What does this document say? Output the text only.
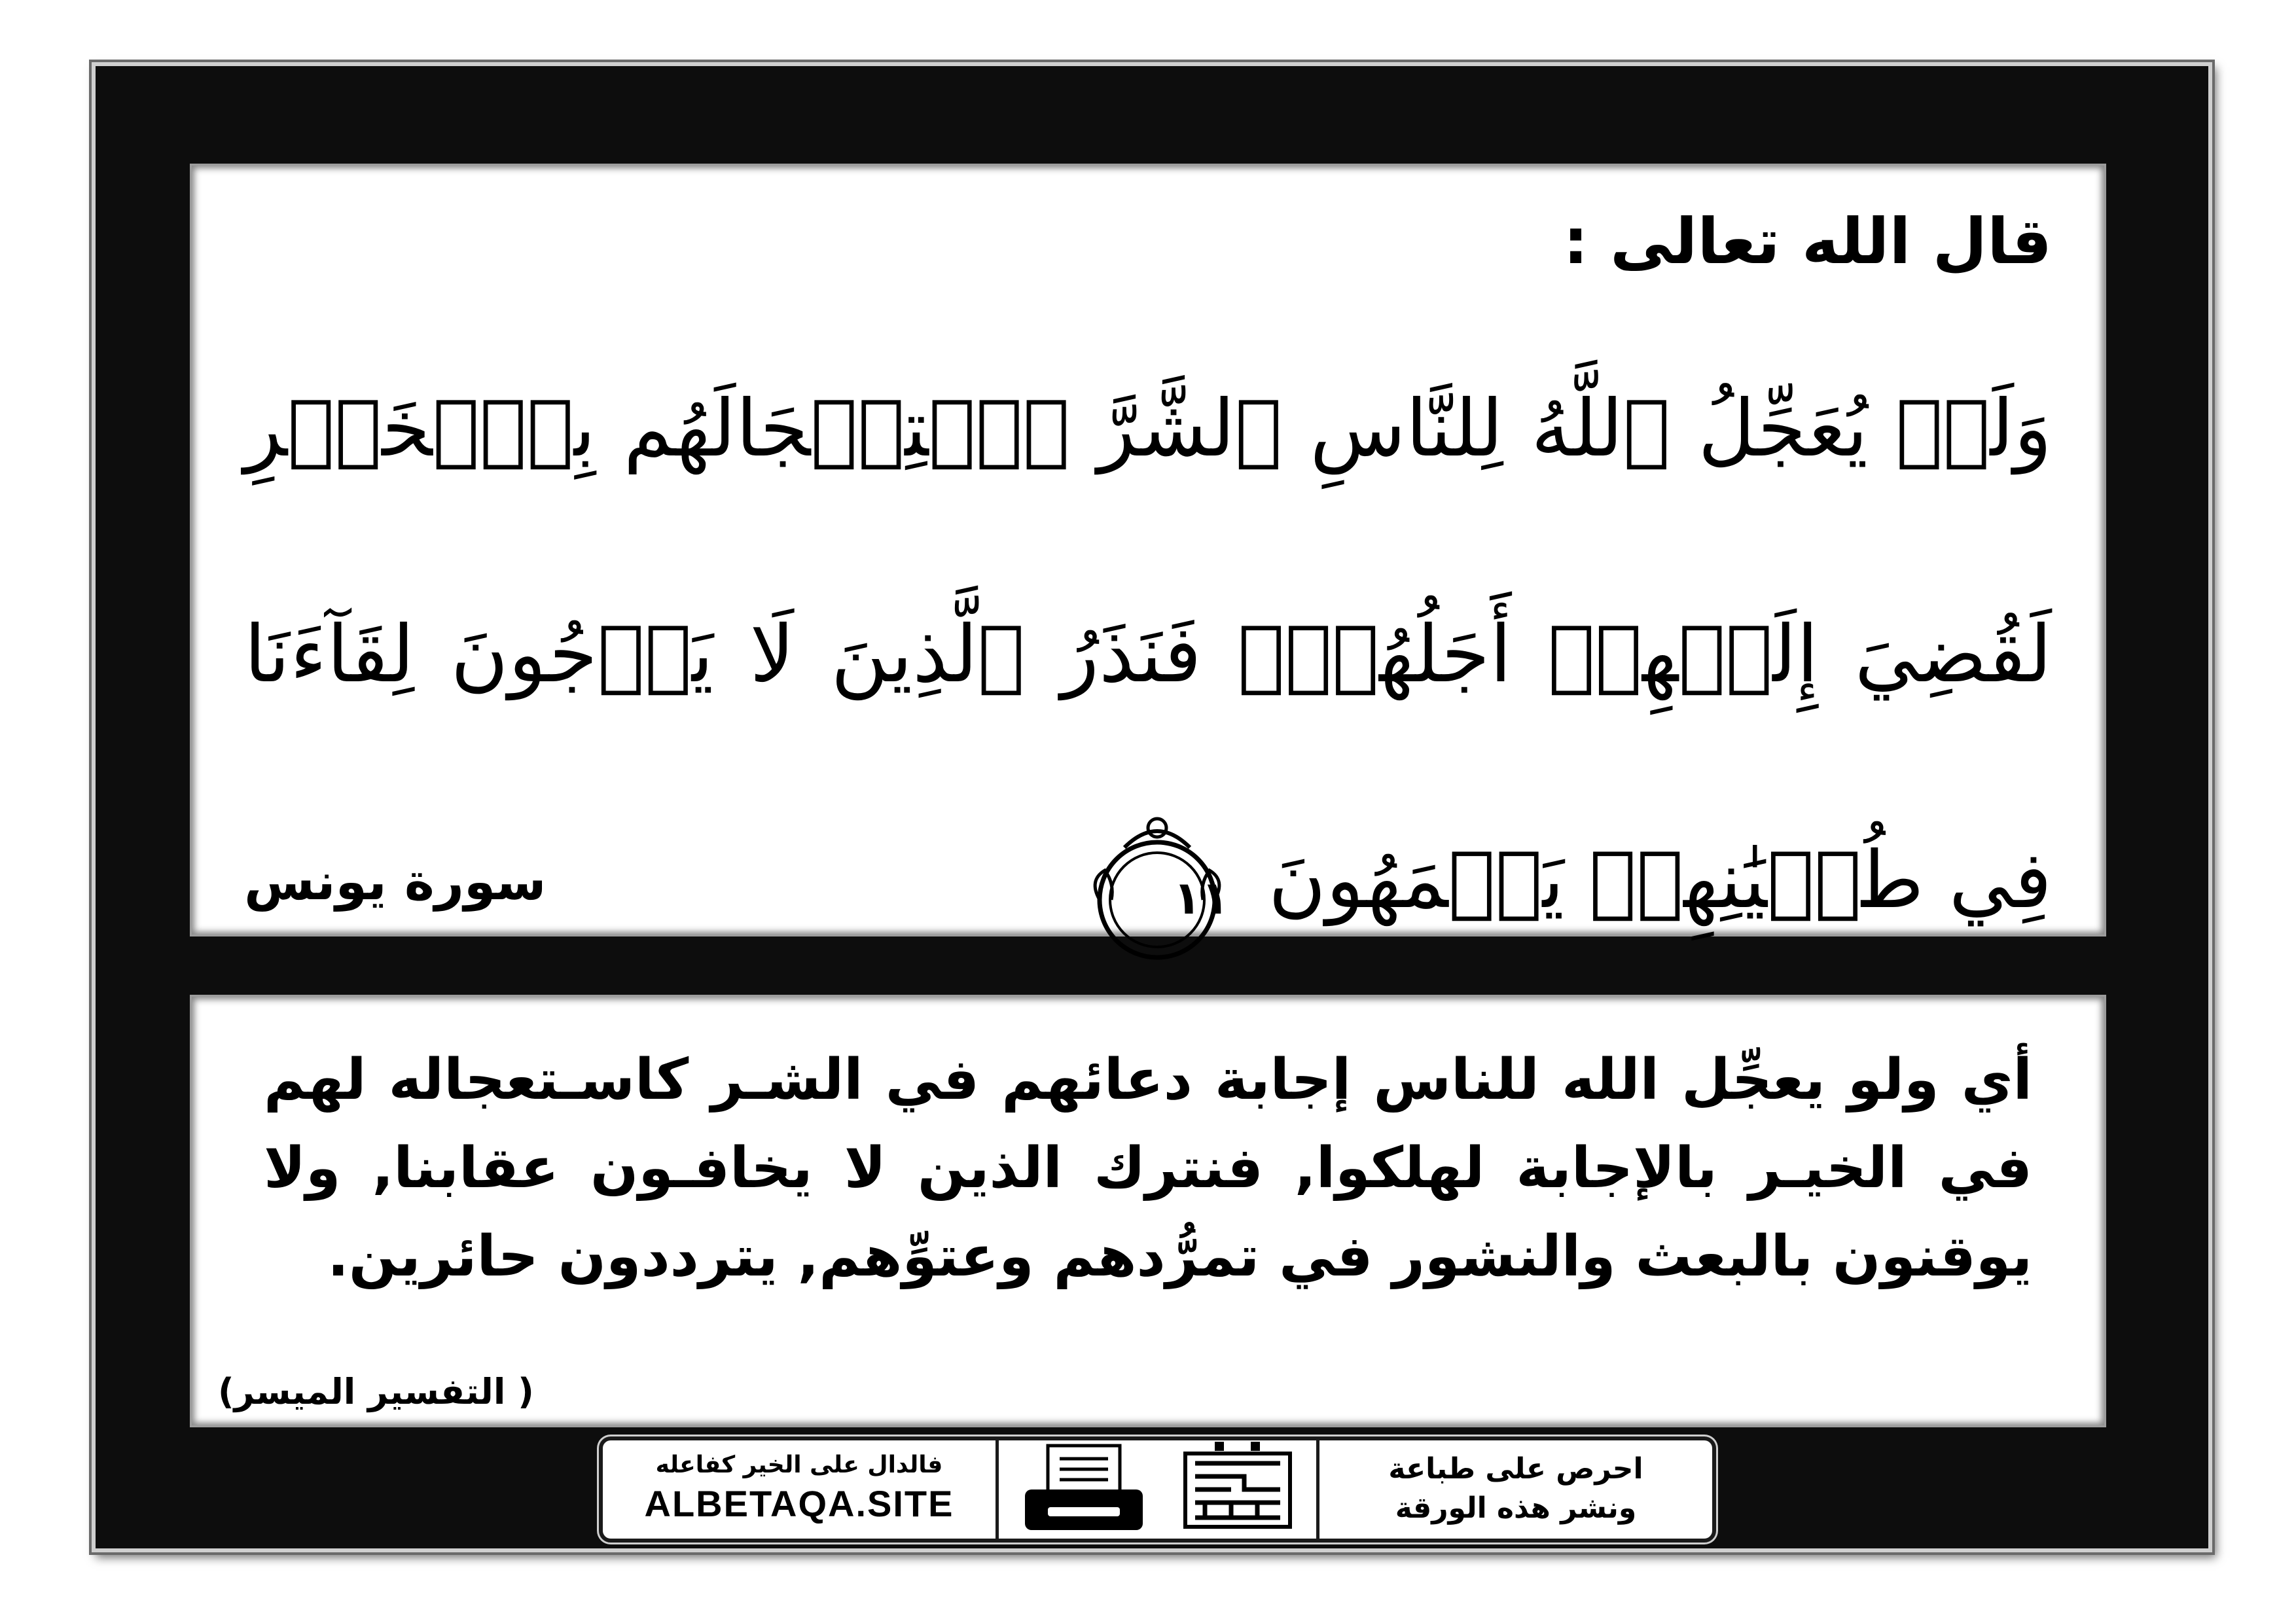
قال الله تعالى :
وَلَوۡ يُعَجِّلُ ٱللَّهُ لِلنَّاسِ ٱلشَّرَّ ٱسۡتِعۡجَالَهُم بِٱلۡخَيۡرِ
لَقُضِيَ إِلَيۡهِمۡ أَجَلُهُمۡۖ فَنَذَرُ ٱلَّذِينَ لَا يَرۡجُونَ لِقَآءَنَا
فِي طُغۡيَٰنِهِمۡ يَعۡمَهُونَ
١١
سورة يونس
أي ولو يعجِّل الله للناس إجابة دعائهم في الشـر كاسـتعجاله لهم في الخيـر بالإجابة لهلكوا, فنترك الذين لا يخافـون عقابنا, ولا يوقنون بالبعث والنشور في تمرُّدهم وعتوِّهم, يترددون حائرين.
( التفسير الميسر)
احرص على طباعة
ونشر هذه الورقة
فالدال على الخير كفاعله
ALBETAQA.SITE
